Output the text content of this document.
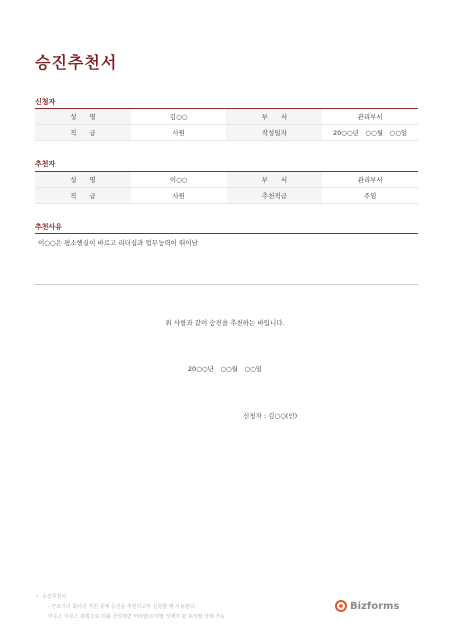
승진추천서
신청자
성　　명	김○○	부　　서	관리부서
직　　급	사원	작성일자	20○○년　○○월　○○일
추천자
성　　명	이○○	부　　서	관리부서
직　　급	사원	추천직급	주임
추천사유
이○○은 평소행실이 바르고 리더십과 업무능력이 뛰어남
위 사항과 같이 승진을 추천하는 바입니다.
20○○년　○○월　○○일
신청자 : 김○○(인)
• 승진추천서
- 근로자의 회사의 직원 중에 승진을 추천하고자 신청할 때 사용한다.
마우스 아무스 왼쪽으로 더블 클릭하면 머리말/꼬리말 삭제가 된 꼬리말 삭제 가능
Bizforms
